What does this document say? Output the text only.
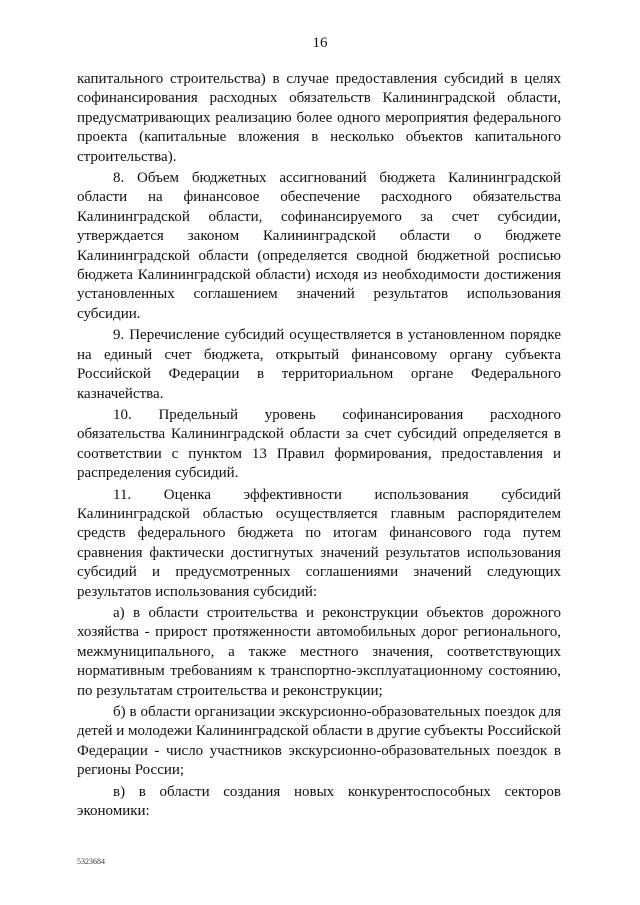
16

капитального строительства) в случае предоставления субсидий в целях софинансирования расходных обязательств Калининградской области, предусматривающих реализацию более одного мероприятия федерального проекта (капитальные вложения в несколько объектов капитального строительства).

8. Объем бюджетных ассигнований бюджета Калининградской области на финансовое обеспечение расходного обязательства Калининградской области, софинансируемого за счет субсидии, утверждается законом Калининградской области о бюджете Калининградской области (определяется сводной бюджетной росписью бюджета Калининградской области) исходя из необходимости достижения установленных соглашением значений результатов использования субсидии.

9. Перечисление субсидий осуществляется в установленном порядке на единый счет бюджета, открытый финансовому органу субъекта Российской Федерации в территориальном органе Федерального казначейства.

10. Предельный уровень софинансирования расходного обязательства Калининградской области за счет субсидий определяется в соответствии с пунктом 13 Правил формирования, предоставления и распределения субсидий.

11. Оценка эффективности использования субсидий Калининградской областью осуществляется главным распорядителем средств федерального бюджета по итогам финансового года путем сравнения фактически достигнутых значений результатов использования субсидий и предусмотренных соглашениями значений следующих результатов использования субсидий:

а) в области строительства и реконструкции объектов дорожного хозяйства - прирост протяженности автомобильных дорог регионального, межмуниципального, а также местного значения, соответствующих нормативным требованиям к транспортно-эксплуатационному состоянию, по результатам строительства и реконструкции;

б) в области организации экскурсионно-образовательных поездок для детей и молодежи Калининградской области в другие субъекты Российской Федерации - число участников экскурсионно-образовательных поездок в регионы России;

в) в области создания новых конкурентоспособных секторов экономики:

5323684
